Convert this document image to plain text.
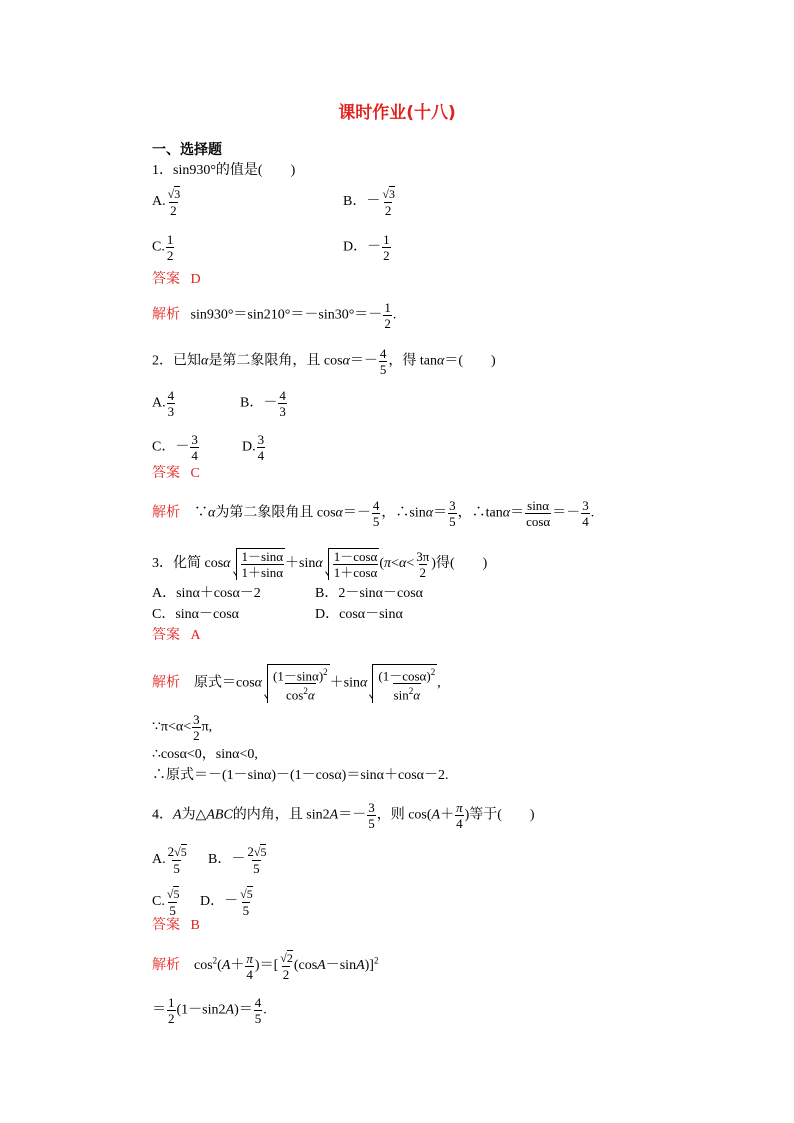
课时作业(十八)
一、选择题
1．sin930°的值是(　　)
A. $\frac{√3}{2}$	B．－ $\frac{√3}{2}$
C. $\frac{1}{2}$	D．－ $\frac{1}{2}$
答案 D
解析 $\sin 930^\circ=\sin 210^\circ=-\sin 30^\circ=- \frac{1}{2}$ .
2．已知α是第二象限角，且 $\cos\alpha=- \frac{4}{5}$ ，得 tanα＝(　　)
A. $\frac{4}{3}$	B．－ $\frac{4}{3}$
C．－ $\frac{3}{4}$	D. $\frac{3}{4}$
答案 C
解析 ∵α为第二象限角且 $\cos\alpha=- \frac{4}{5}$ ，∴sinα＝ $\frac{3}{5}$ ，∴tanα＝ $\frac{\sin\alpha}{\cos\alpha} =- \frac{3}{4}$ .
3．化简 cosα $\frac{1-\sin\alpha}{1+\sin\alpha} +\sin\alpha \frac{1-\cos\alpha}{1+\cos\alpha} (\pi<\alpha< \frac{3\pi}{2}$ )得(　　)
A．sinα＋cosα－2	B．2－sinα－cosα
C．sinα－cosα	D．cosα－sinα
答案 A
解析 原式$=\cos\alpha \frac{(1-\sin\alpha)^2}{\cos^2\alpha} +\sin\alpha \frac{(1-\cos\alpha)^2}{\sin^2\alpha}$ ,
∵π<α< $\frac{3}{2} \pi$,
∴cosα<0，sinα<0,
∴原式＝－(1－sinα)－(1－cosα)＝sinα＋cosα－2.
4．A为△ABC的内角，且 $\sin 2A=- \frac{3}{5}$ ，则 $\cos(A+ \frac{\pi}{4}$ )等于(　　)
A. $\frac{2√5}{5}$ B．－ $\frac{2√5}{5}$
C. $\frac{√5}{5}$ D．－ $\frac{√5}{5}$
答案 B
解析 $\cos^2(A+ \frac{\pi}{4}$ )＝[ $\frac{√2}{2} (\cos A-\sin A)]^2$
＝ $\frac{1}{2} (1-\sin 2A)= \frac{4}{5}$ .
